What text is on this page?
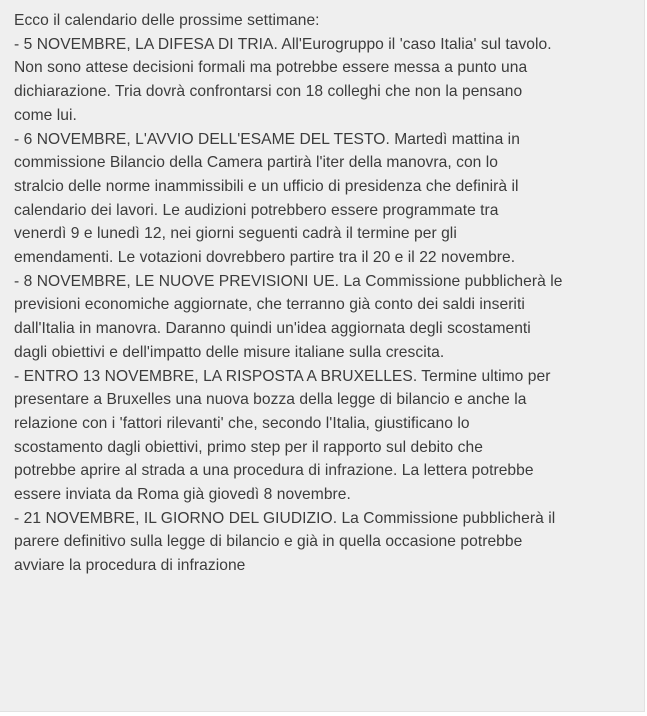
Ecco il calendario delle prossime settimane:
- 5 NOVEMBRE, LA DIFESA DI TRIA. All'Eurogruppo il 'caso Italia' sul tavolo.
Non sono attese decisioni formali ma potrebbe essere messa a punto una
dichiarazione. Tria dovrà confrontarsi con 18 colleghi che non la pensano
come lui.
- 6 NOVEMBRE, L'AVVIO DELL'ESAME DEL TESTO. Martedì mattina in
commissione Bilancio della Camera partirà l'iter della manovra, con lo
stralcio delle norme inammissibili e un ufficio di presidenza che definirà il
calendario dei lavori. Le audizioni potrebbero essere programmate tra
venerdì 9 e lunedì 12, nei giorni seguenti cadrà il termine per gli
emendamenti. Le votazioni dovrebbero partire tra il 20 e il 22 novembre.
- 8 NOVEMBRE, LE NUOVE PREVISIONI UE. La Commissione pubblicherà le
previsioni economiche aggiornate, che terranno già conto dei saldi inseriti
dall'Italia in manovra. Daranno quindi un'idea aggiornata degli scostamenti
dagli obiettivi e dell'impatto delle misure italiane sulla crescita.
- ENTRO 13 NOVEMBRE, LA RISPOSTA A BRUXELLES. Termine ultimo per
presentare a Bruxelles una nuova bozza della legge di bilancio e anche la
relazione con i 'fattori rilevanti' che, secondo l'Italia, giustificano lo
scostamento dagli obiettivi, primo step per il rapporto sul debito che
potrebbe aprire al strada a una procedura di infrazione. La lettera potrebbe
essere inviata da Roma già giovedì 8 novembre.
- 21 NOVEMBRE, IL GIORNO DEL GIUDIZIO. La Commissione pubblicherà il
parere definitivo sulla legge di bilancio e già in quella occasione potrebbe
avviare la procedura di infrazione
